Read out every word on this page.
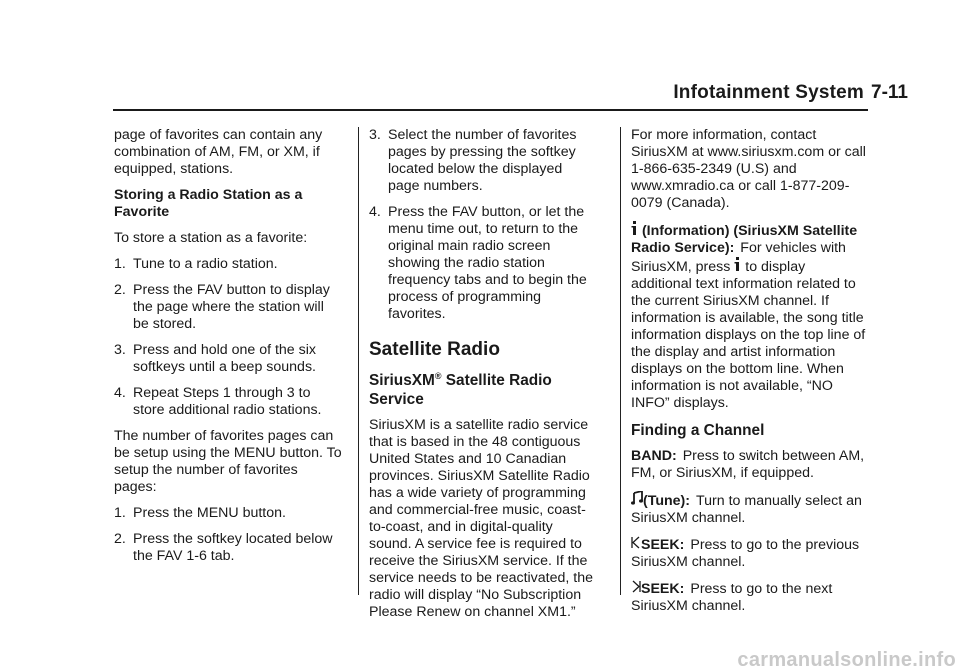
Infotainment System 7-11

page of favorites can contain any combination of AM, FM, or XM, if equipped, stations.

Storing a Radio Station as a Favorite

To store a station as a favorite:

1. Tune to a radio station.
2. Press the FAV button to display the page where the station will be stored.
3. Press and hold one of the six softkeys until a beep sounds.
4. Repeat Steps 1 through 3 to store additional radio stations.

The number of favorites pages can be setup using the MENU button. To setup the number of favorites pages:

1. Press the MENU button.
2. Press the softkey located below the FAV 1-6 tab.
3. Select the number of favorites pages by pressing the softkey located below the displayed page numbers.
4. Press the FAV button, or let the menu time out, to return to the original main radio screen showing the radio station frequency tabs and to begin the process of programming favorites.
Satellite Radio
SiriusXM® Satellite Radio Service

SiriusXM is a satellite radio service that is based in the 48 contiguous United States and 10 Canadian provinces. SiriusXM Satellite Radio has a wide variety of programming and commercial-free music, coast-to-coast, and in digital-quality sound. A service fee is required to receive the SiriusXM service. If the service needs to be reactivated, the radio will display “No Subscription Please Renew on channel XM1.”

For more information, contact SiriusXM at www.siriusxm.com or call 1-866-635-2349 (U.S) and www.xmradio.ca or call 1-877-209-0079 (Canada).

(Information) (SiriusXM Satellite Radio Service): For vehicles with SiriusXM, press to display additional text information related to the current SiriusXM channel. If information is available, the song title information displays on the top line of the display and artist information displays on the bottom line. When information is not available, “NO INFO” displays.

Finding a Channel

BAND: Press to switch between AM, FM, or SiriusXM, if equipped.

(Tune): Turn to manually select an SiriusXM channel.

SEEK: Press to go to the previous SiriusXM channel.

SEEK: Press to go to the next SiriusXM channel.

carmanualsonline.info
